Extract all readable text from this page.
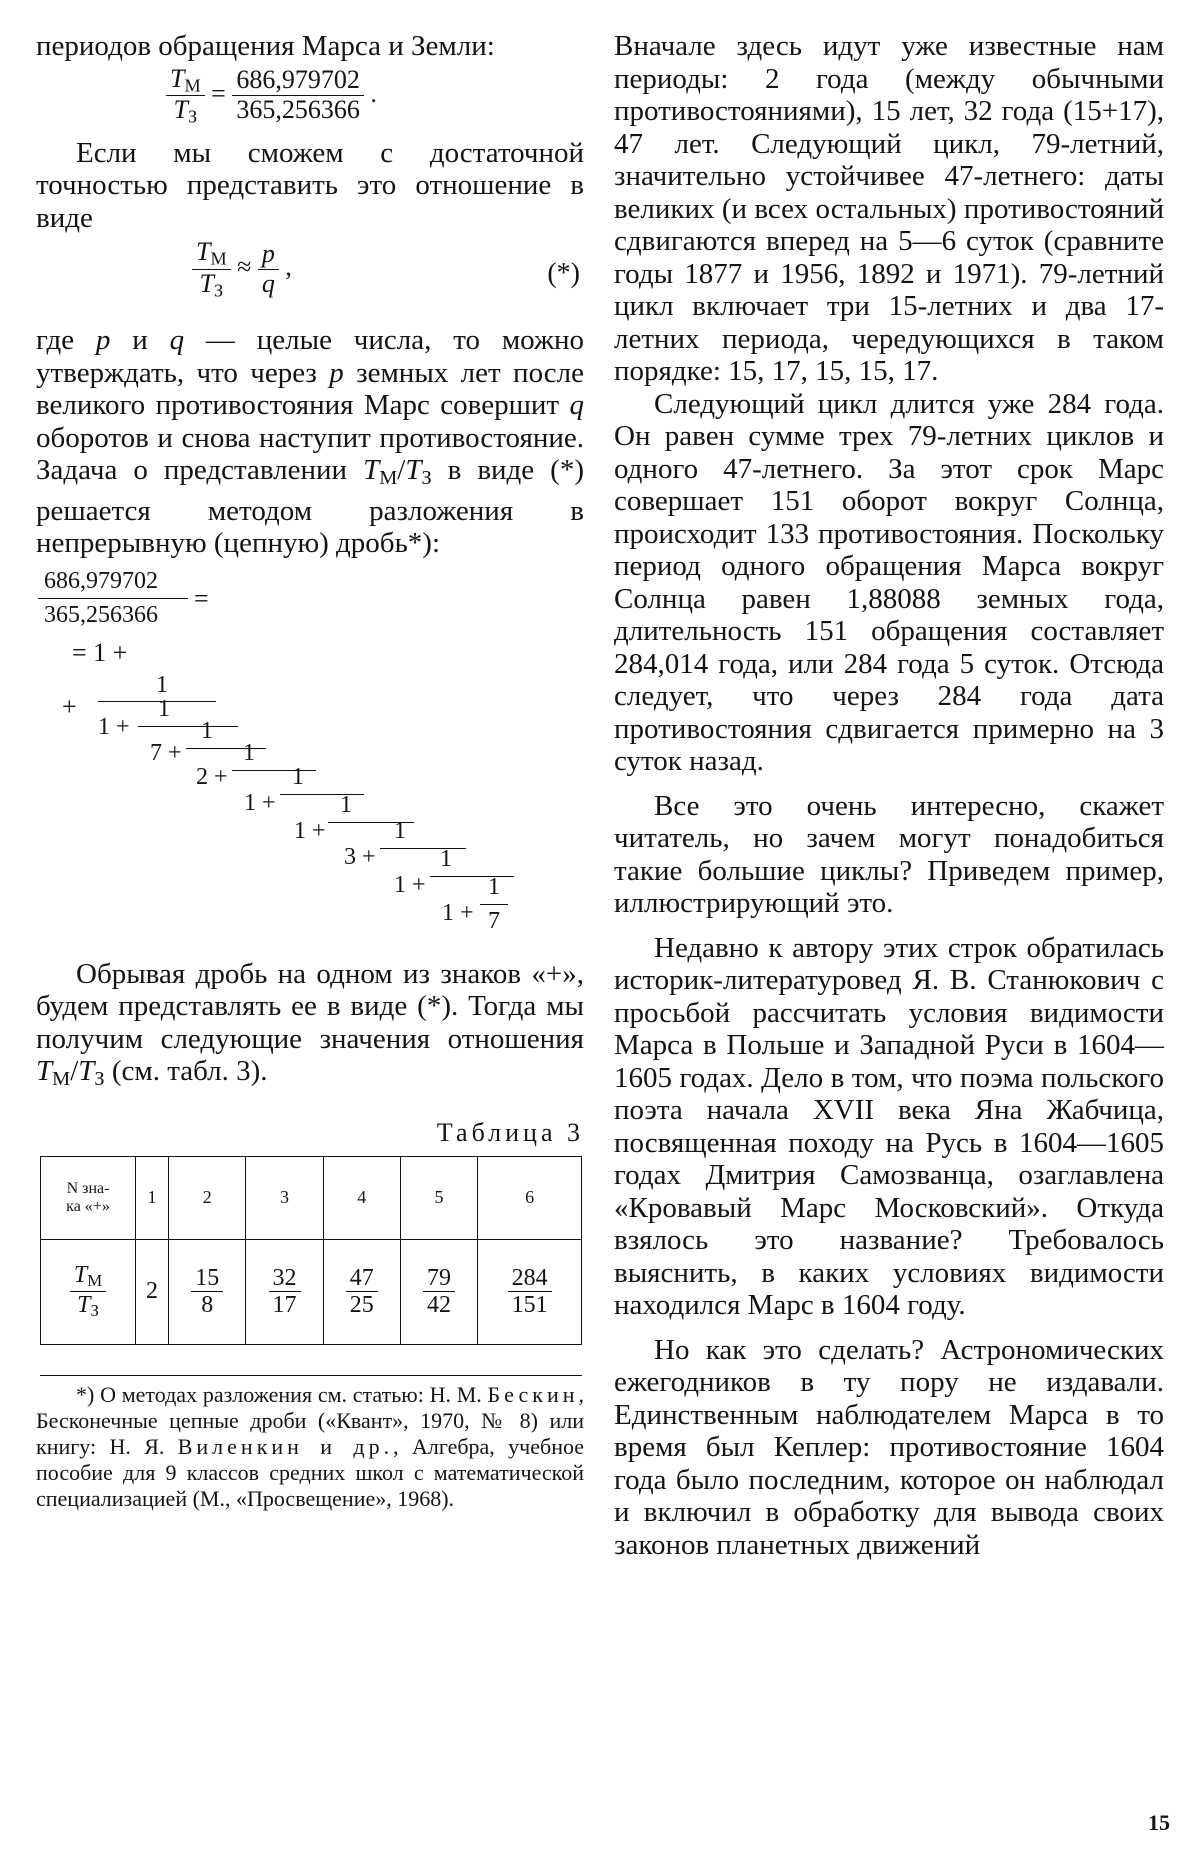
периодов обращения Марса и Земли:

$\frac{T_М}{T_З} = \frac{686,979702}{365,256366}$ .

Если мы сможем с достаточной точностью представить это отношение в виде

$\frac{T_М}{T_З} \approx \frac{p}{q}$ ,	(*)

где p и q — целые числа, то можно утверждать, что через p земных лет после великого противостояния Марс совершит q оборотов и снова наступит противостояние. Задача о представлении $T_М/T_З$ в виде (*) решается методом разложения в непрерывную (цепную) дробь*):

686,979702
365,256366
=
= 1 +
+
1
1 +
1
7 +
1
2 +
1
1 +
1
1 +
1
3 +
1
1 +
1
1 +
1
7

Обрывая дробь на одном из знаков «+», будем представлять ее в виде (*). Тогда мы получим следующие значения отношения $T_М/T_З$ (см. табл. 3).

Таблица 3
N зна-
ка «+»	1	2	3	4	5	6

$\frac{T_М}{T_З}$	2	$\frac{15}{8}$	$\frac{32}{17}$	$\frac{47}{25}$	$\frac{79}{42}$	$\frac{284}{151}$

*) О методах разложения см. статью: Н. М. Бескин, Бесконечные цепные дроби («Квант», 1970, № 8) или книгу: Н. Я. Виленкин и др., Алгебра, учебное пособие для 9 классов средних школ с математической специализацией (М., «Просвещение», 1968).

Вначале здесь идут уже известные нам периоды: 2 года (между обычными противостояниями), 15 лет, 32 года (15+17), 47 лет. Следующий цикл, 79-летний, значительно устойчивее 47-летнего: даты великих (и всех остальных) противостояний сдвигаются вперед на 5—6 суток (сравните годы 1877 и 1956, 1892 и 1971). 79-летний цикл включает три 15-летних и два 17-летних периода, чередующихся в таком порядке: 15, 17, 15, 15, 17.

Следующий цикл длится уже 284 года. Он равен сумме трех 79-летних циклов и одного 47-летнего. За этот срок Марс совершает 151 оборот вокруг Солнца, происходит 133 противостояния. Поскольку период одного обращения Марса вокруг Солнца равен 1,88088 земных года, длительность 151 обращения составляет 284,014 года, или 284 года 5 суток. Отсюда следует, что через 284 года дата противостояния сдвигается примерно на 3 суток назад.

Все это очень интересно, скажет читатель, но зачем могут понадобиться такие большие циклы? Приведем пример, иллюстрирующий это.

Недавно к автору этих строк обратилась историк-литературовед Я. В. Станюкович с просьбой рассчитать условия видимости Марса в Польше и Западной Руси в 1604—1605 годах. Дело в том, что поэма польского поэта начала XVII века Яна Жабчица, посвященная походу на Русь в 1604—1605 годах Дмитрия Самозванца, озаглавлена «Кровавый Марс Московский». Откуда взялось это название? Требовалось выяснить, в каких условиях видимости находился Марс в 1604 году.

Но как это сделать? Астрономических ежегодников в ту пору не издавали. Единственным наблюдателем Марса в то время был Кеплер: противостояние 1604 года было последним, которое он наблюдал и включил в обработку для вывода своих законов планетных движений

15
